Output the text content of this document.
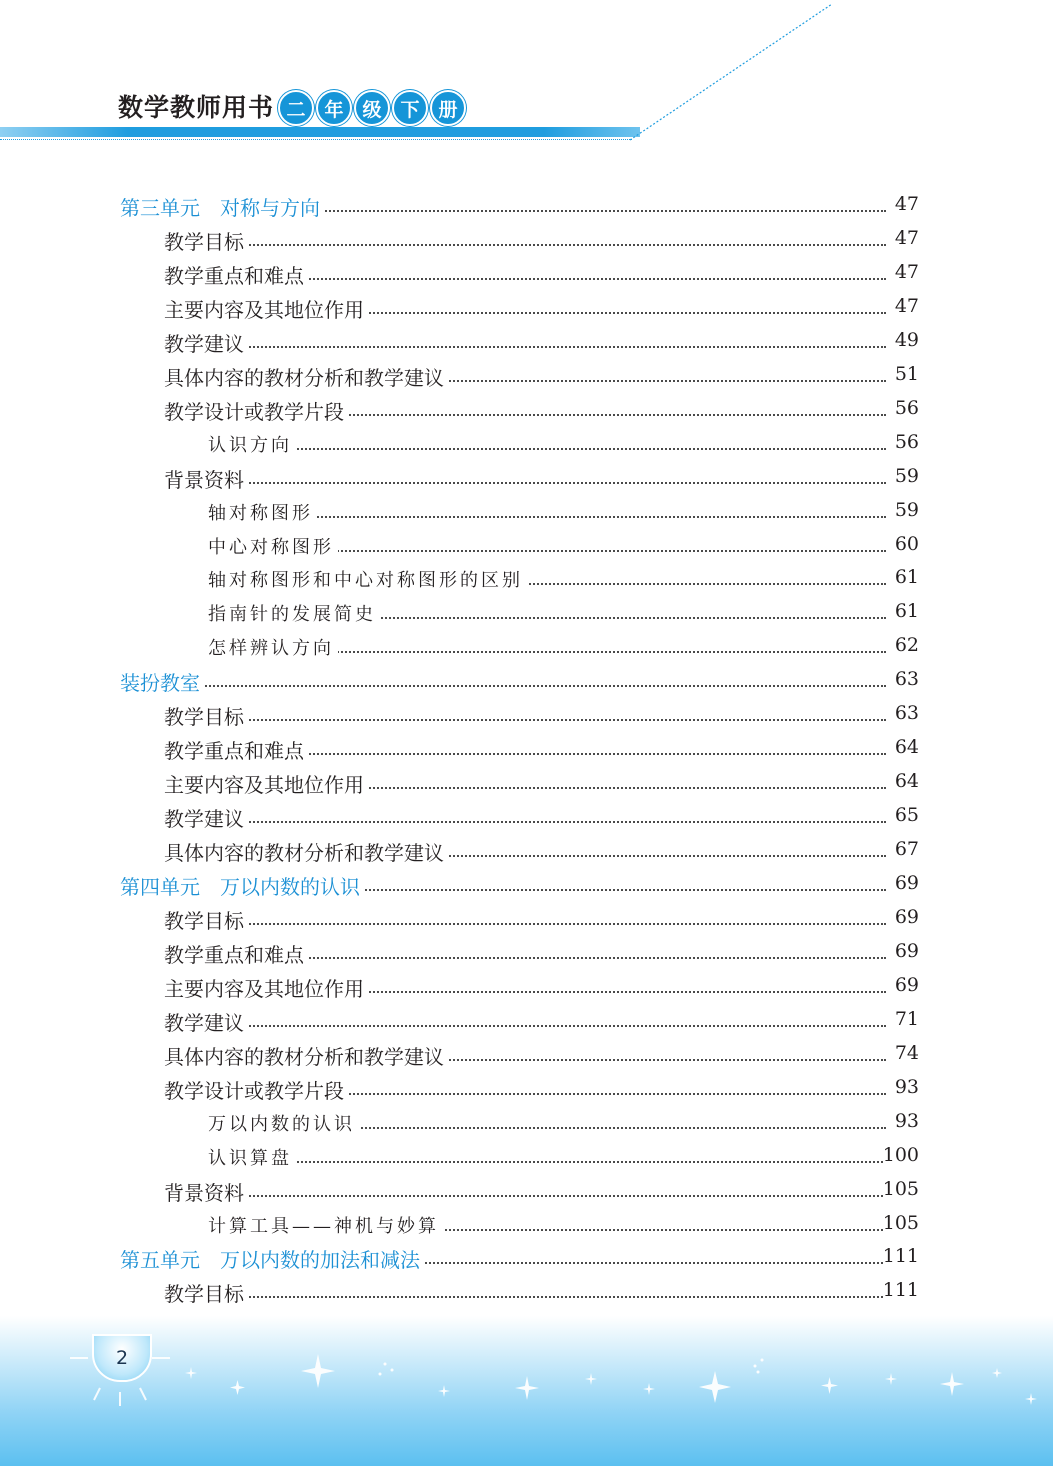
数学教师用书 二 年 级 下 册
第三单元　对称与方向	47
教学目标	47
教学重点和难点	47
主要内容及其地位作用	47
教学建议	49
具体内容的教材分析和教学建议	51
教学设计或教学片段	56
认识方向	56
背景资料	59
轴对称图形	59
中心对称图形	60
轴对称图形和中心对称图形的区别	61
指南针的发展简史	61
怎样辨认方向	62
装扮教室	63
教学目标	63
教学重点和难点	64
主要内容及其地位作用	64
教学建议	65
具体内容的教材分析和教学建议	67
第四单元　万以内数的认识	69
教学目标	69
教学重点和难点	69
主要内容及其地位作用	69
教学建议	71
具体内容的教材分析和教学建议	74
教学设计或教学片段	93
万以内数的认识	93
认识算盘	100
背景资料	105
计算工具——神机与妙算	105
第五单元　万以内数的加法和减法	111
教学目标	111
2
